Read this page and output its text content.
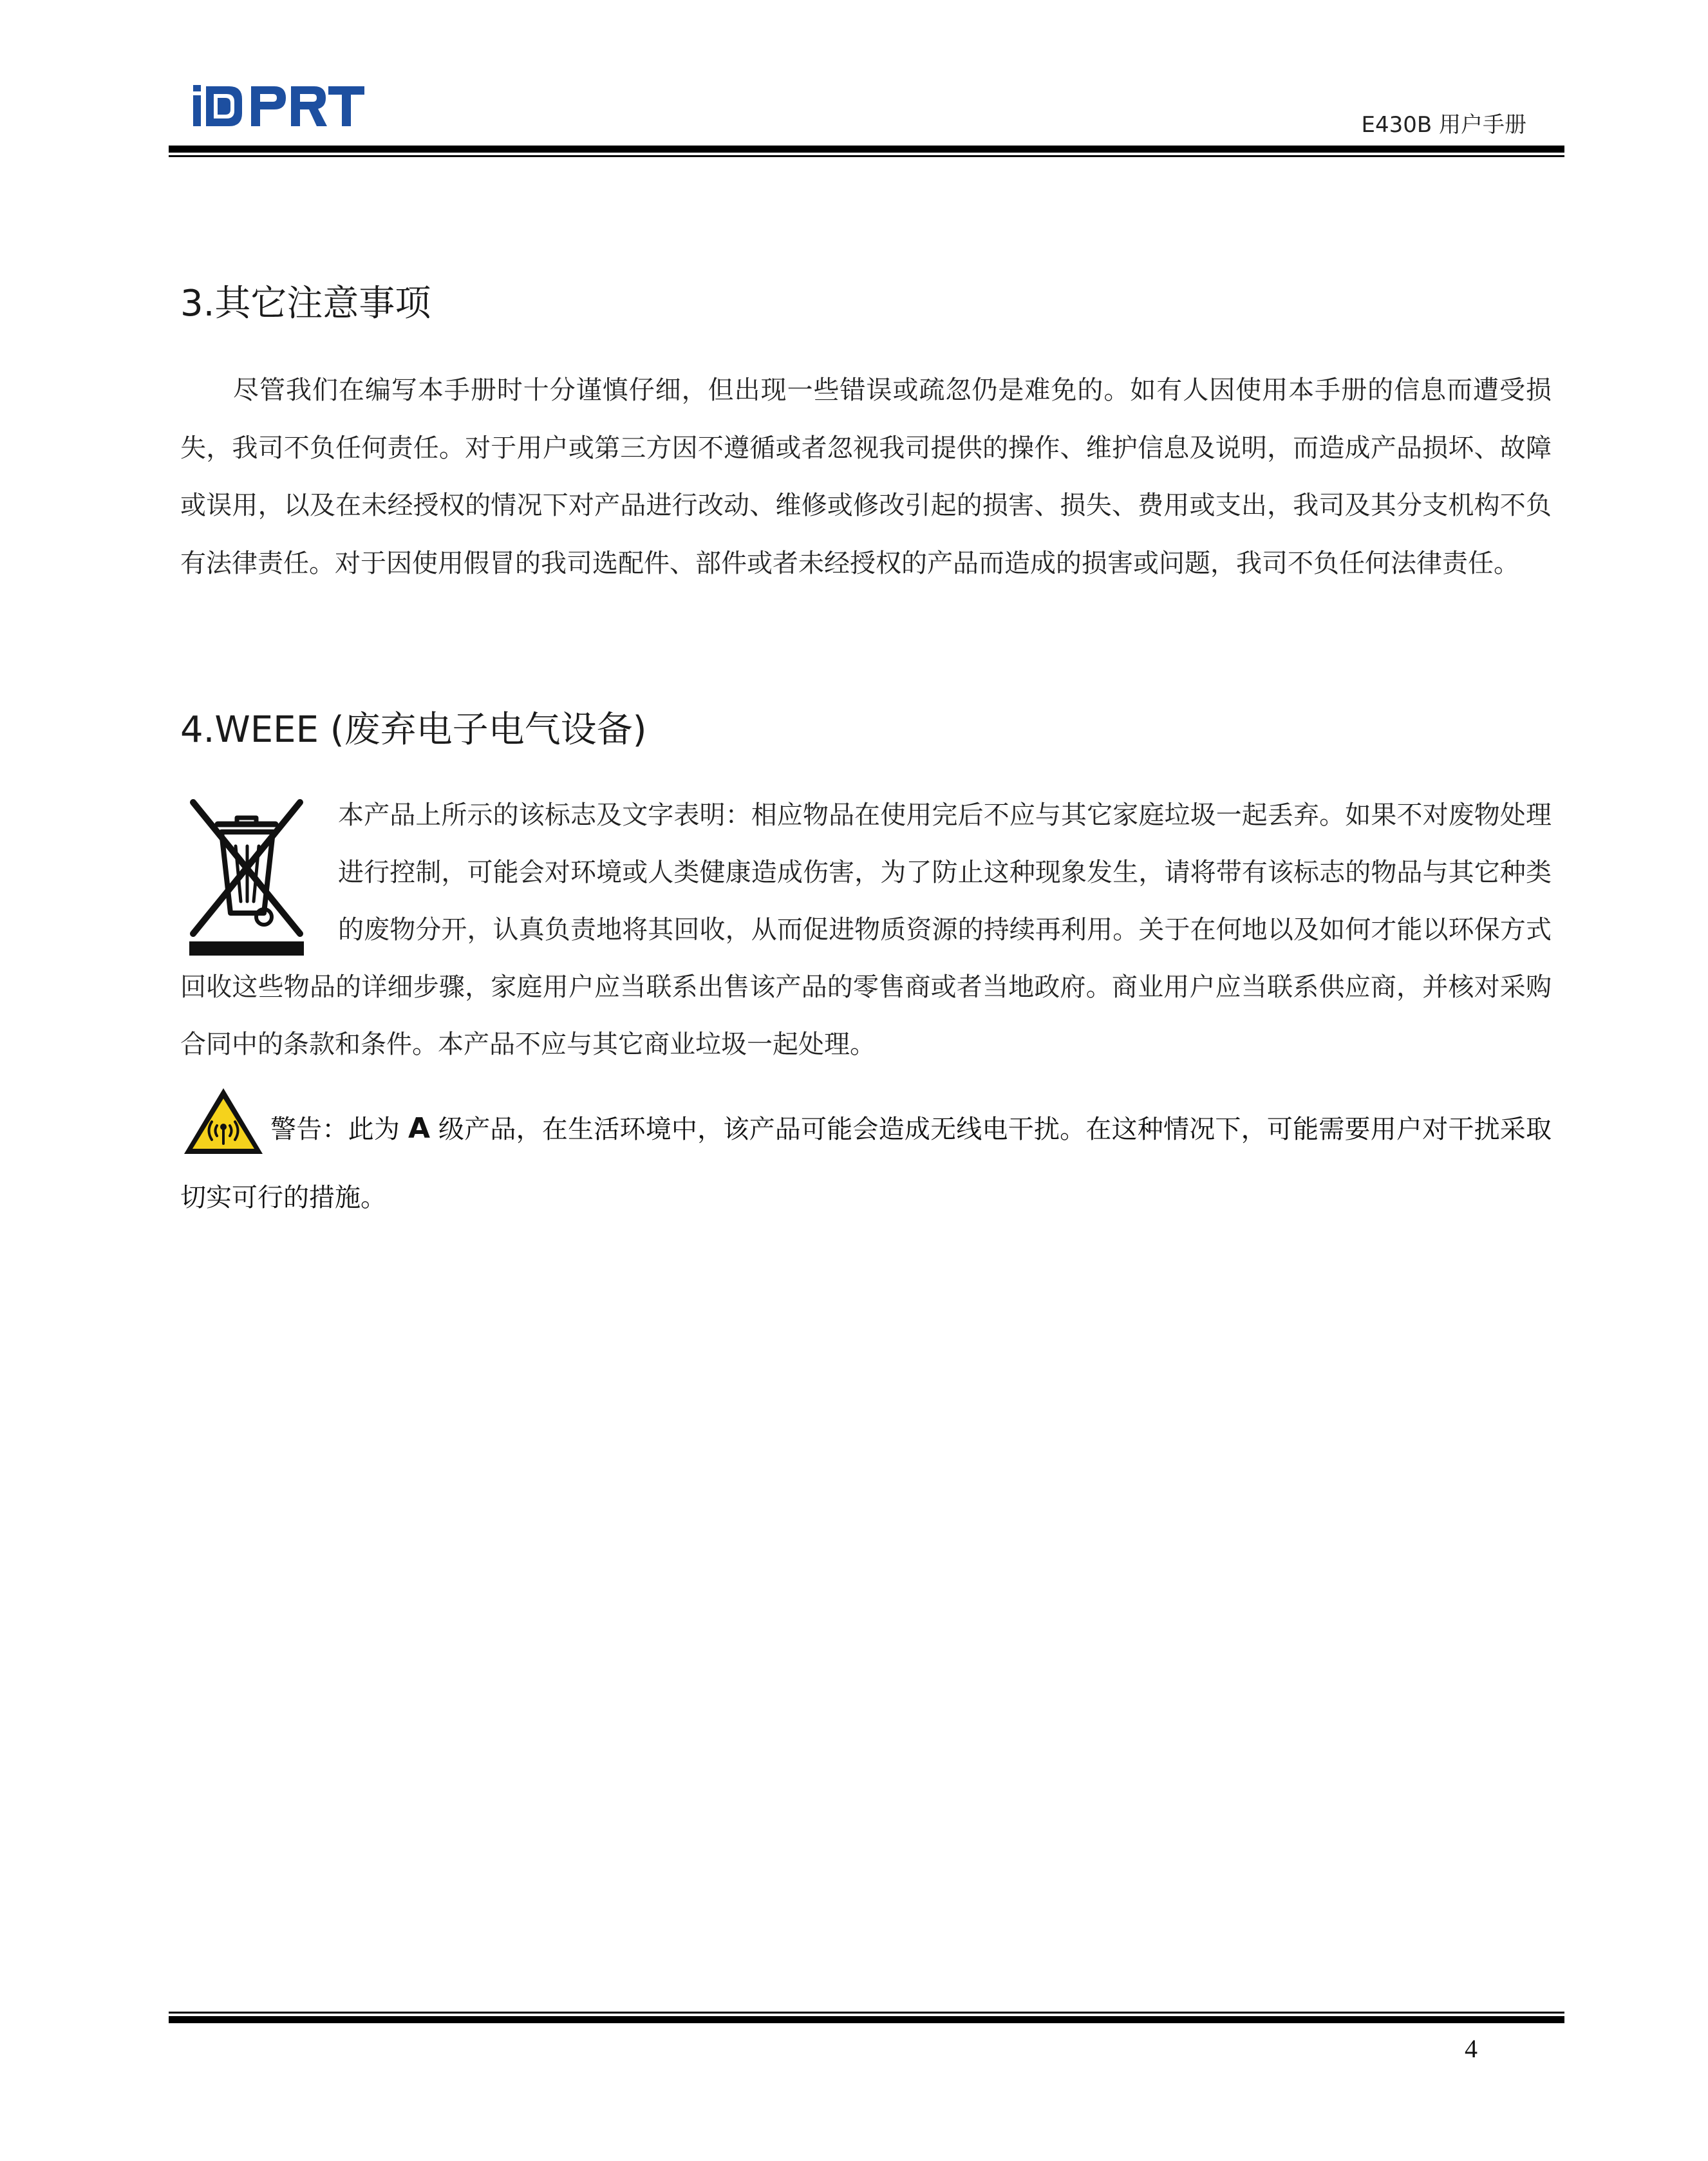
E430B 用户手册
3.其它注意事项

尽管我们在编写本手册时十分谨慎仔细，但出现一些错误或疏忽仍是难免的。如有人因使用本手册的信息而遭受损失，我司不负任何责任。对于用户或第三方因不遵循或者忽视我司提供的操作、维护信息及说明，而造成产品损坏、故障或误用，以及在未经授权的情况下对产品进行改动、维修或修改引起的损害、损失、费用或支出，我司及其分支机构不负有法律责任。对于因使用假冒的我司选配件、部件或者未经授权的产品而造成的损害或问题，我司不负任何法律责任。

4.WEEE (废弃电子电气设备)

本产品上所示的该标志及文字表明：相应物品在使用完后不应与其它家庭垃圾一起丢弃。如果不对废物处理进行控制，可能会对环境或人类健康造成伤害，为了防止这种现象发生，请将带有该标志的物品与其它种类的废物分开，认真负责地将其回收，从而促进物质资源的持续再利用。关于在何地以及如何才能以环保方式回收这些物品的详细步骤，家庭用户应当联系出售该产品的零售商或者当地政府。商业用户应当联系供应商，并核对采购合同中的条款和条件。本产品不应与其它商业垃圾一起处理。

警告：此为 A 级产品，在生活环境中，该产品可能会造成无线电干扰。在这种情况下，可能需要用户对干扰采取切实可行的措施。

4
